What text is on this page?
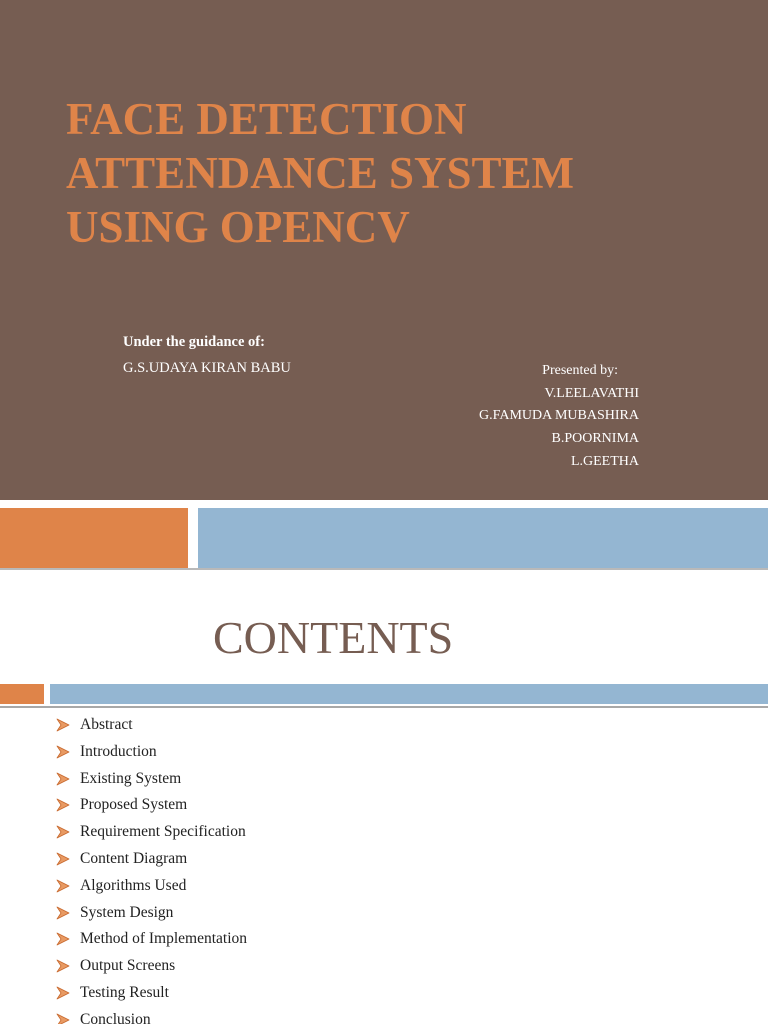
FACE DETECTION
ATTENDANCE SYSTEM
USING OPENCV
Under the guidance of:
G.S.UDAYA KIRAN BABU	Presented by:
V.LEELAVATHI
G.FAMUDA MUBASHIRA
B.POORNIMA
L.GEETHA
CONTENTS
Abstract
Introduction
Existing System
Proposed System
Requirement Specification
Content Diagram
Algorithms Used
System Design
Method of Implementation
Output Screens
Testing Result
Conclusion
